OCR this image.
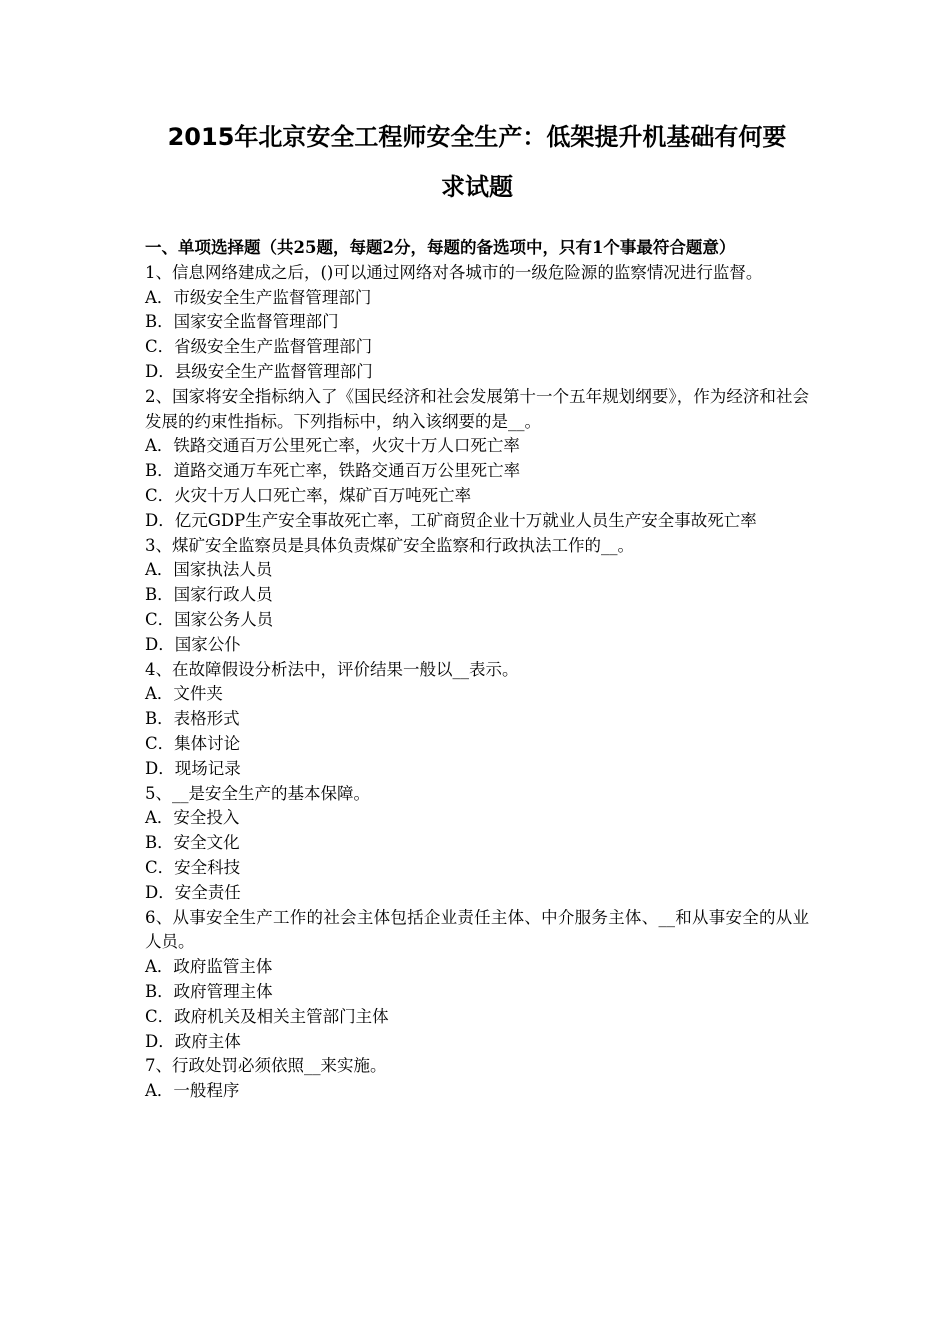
2015年北京安全工程师安全生产：低架提升机基础有何要
求试题

一、单项选择题（共25题，每题2分，每题的备选项中，只有1个事最符合题意）

1、信息网络建成之后，()可以通过网络对各城市的一级危险源的监察情况进行监督。

A．市级安全生产监督管理部门

B．国家安全监督管理部门

C．省级安全生产监督管理部门

D．县级安全生产监督管理部门

2、国家将安全指标纳入了《国民经济和社会发展第十一个五年规划纲要》，作为经济和社会发展的约束性指标。下列指标中，纳入该纲要的是__。

A．铁路交通百万公里死亡率，火灾十万人口死亡率

B．道路交通万车死亡率，铁路交通百万公里死亡率

C．火灾十万人口死亡率，煤矿百万吨死亡率

D．亿元GDP生产安全事故死亡率，工矿商贸企业十万就业人员生产安全事故死亡率

3、煤矿安全监察员是具体负责煤矿安全监察和行政执法工作的__。

A．国家执法人员

B．国家行政人员

C．国家公务人员

D．国家公仆

4、在故障假设分析法中，评价结果一般以__表示。

A．文件夹

B．表格形式

C．集体讨论

D．现场记录

5、__是安全生产的基本保障。

A．安全投入

B．安全文化

C．安全科技

D．安全责任

6、从事安全生产工作的社会主体包括企业责任主体、中介服务主体、__和从事安全的从业人员。

A．政府监管主体

B．政府管理主体

C．政府机关及相关主管部门主体

D．政府主体

7、行政处罚必须依照__来实施。

A．一般程序
